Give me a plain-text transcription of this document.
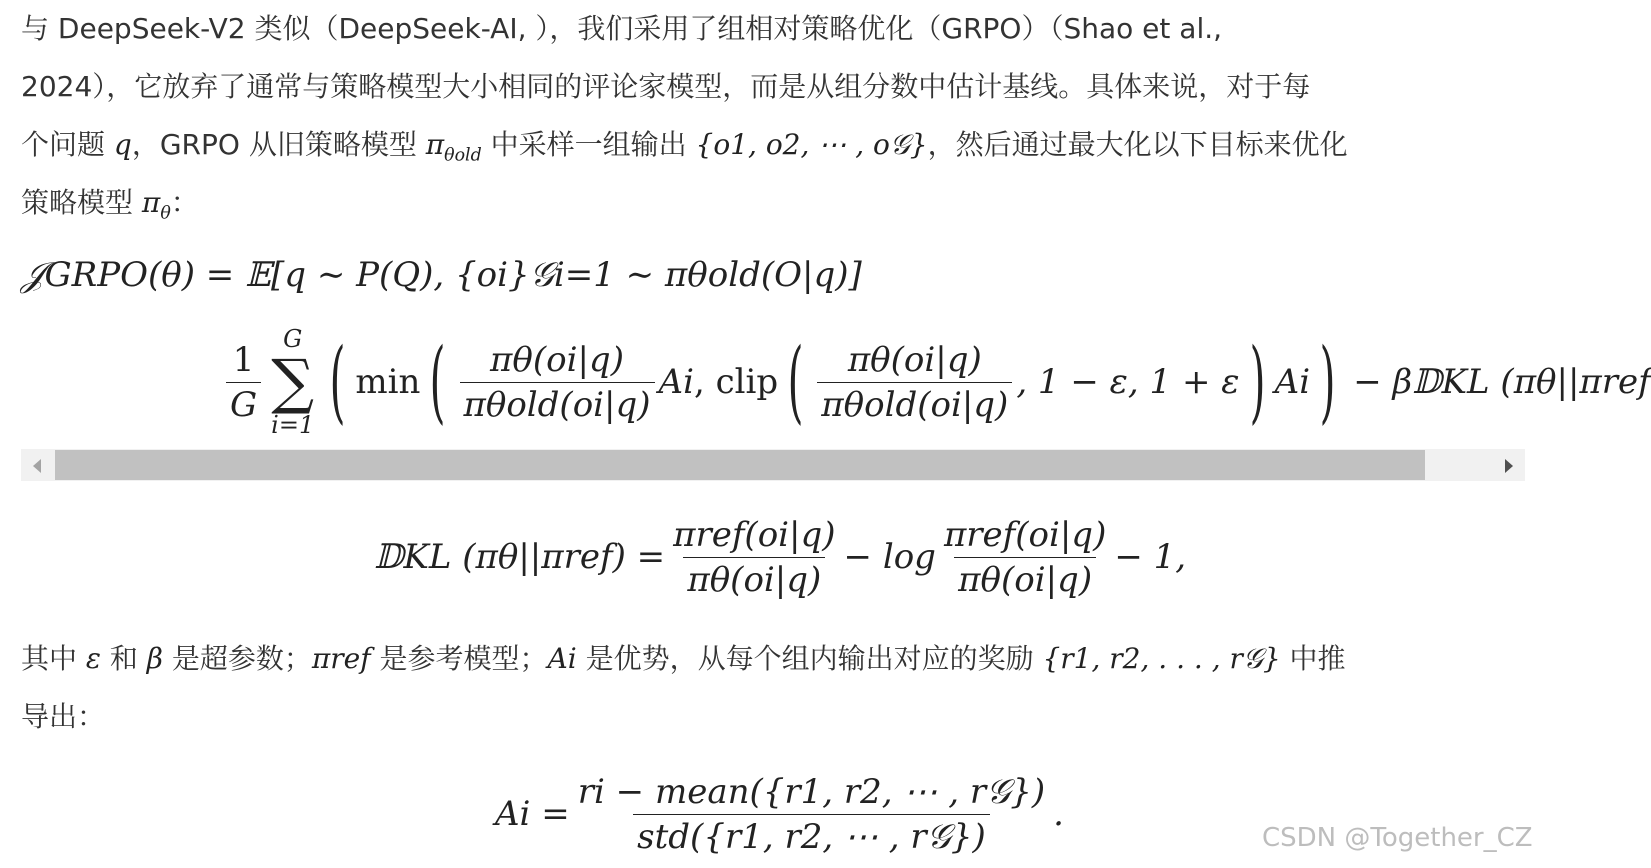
与 DeepSeek-V2 类似（DeepSeek-AI, ），我们采用了组相对策略优化（GRPO）（Shao et al.,
2024），它放弃了通常与策略模型大小相同的评论家模型，而是从组分数中估计基线。具体来说，对于每
个问题 q，GRPO 从旧策略模型 $\pi_{\theta old}$ 中采样一组输出 {o1, o2, ⋯ , o𝒢}，然后通过最大化以下目标来优化
策略模型 $\pi_\theta$：
𝒥GRPO(θ) = 𝔼[q ∼ P(Q), {oi}𝒢i=1 ∼ πθold(O|q)]
$\frac{1}{G}$
G
∑
i=1 ( min ( $\frac{\pi\theta(oi|q)}{\text{πθold(oi|q)}}$ Ai , clip ( $\frac{\pi\theta(oi|q)}{\text{πθold(oi|q)}}$ , 1 − ε, 1 + ε ) Ai ) − β𝔻KL (πθ||πref
𝔻KL $(\pi\theta||\pi ref) = \frac{\text{πref(oi|q)}}{\pi\theta(oi|q)} - \log \frac{\text{πref(oi|q)}}{\pi\theta(oi|q)} - 1$,
其中 ε 和 β 是超参数；πref 是参考模型；Ai 是优势，从每个组内输出对应的奖励 {r1, r2, . . . , r𝒢} 中推
导出：
$Ai = \frac{\text{ri − mean(\{r1, r2, ⋯ , r𝒢\})}}{\text{std(\{r1, r2, ⋯ , r𝒢\})}}$ .
CSDN @Together_CZ
